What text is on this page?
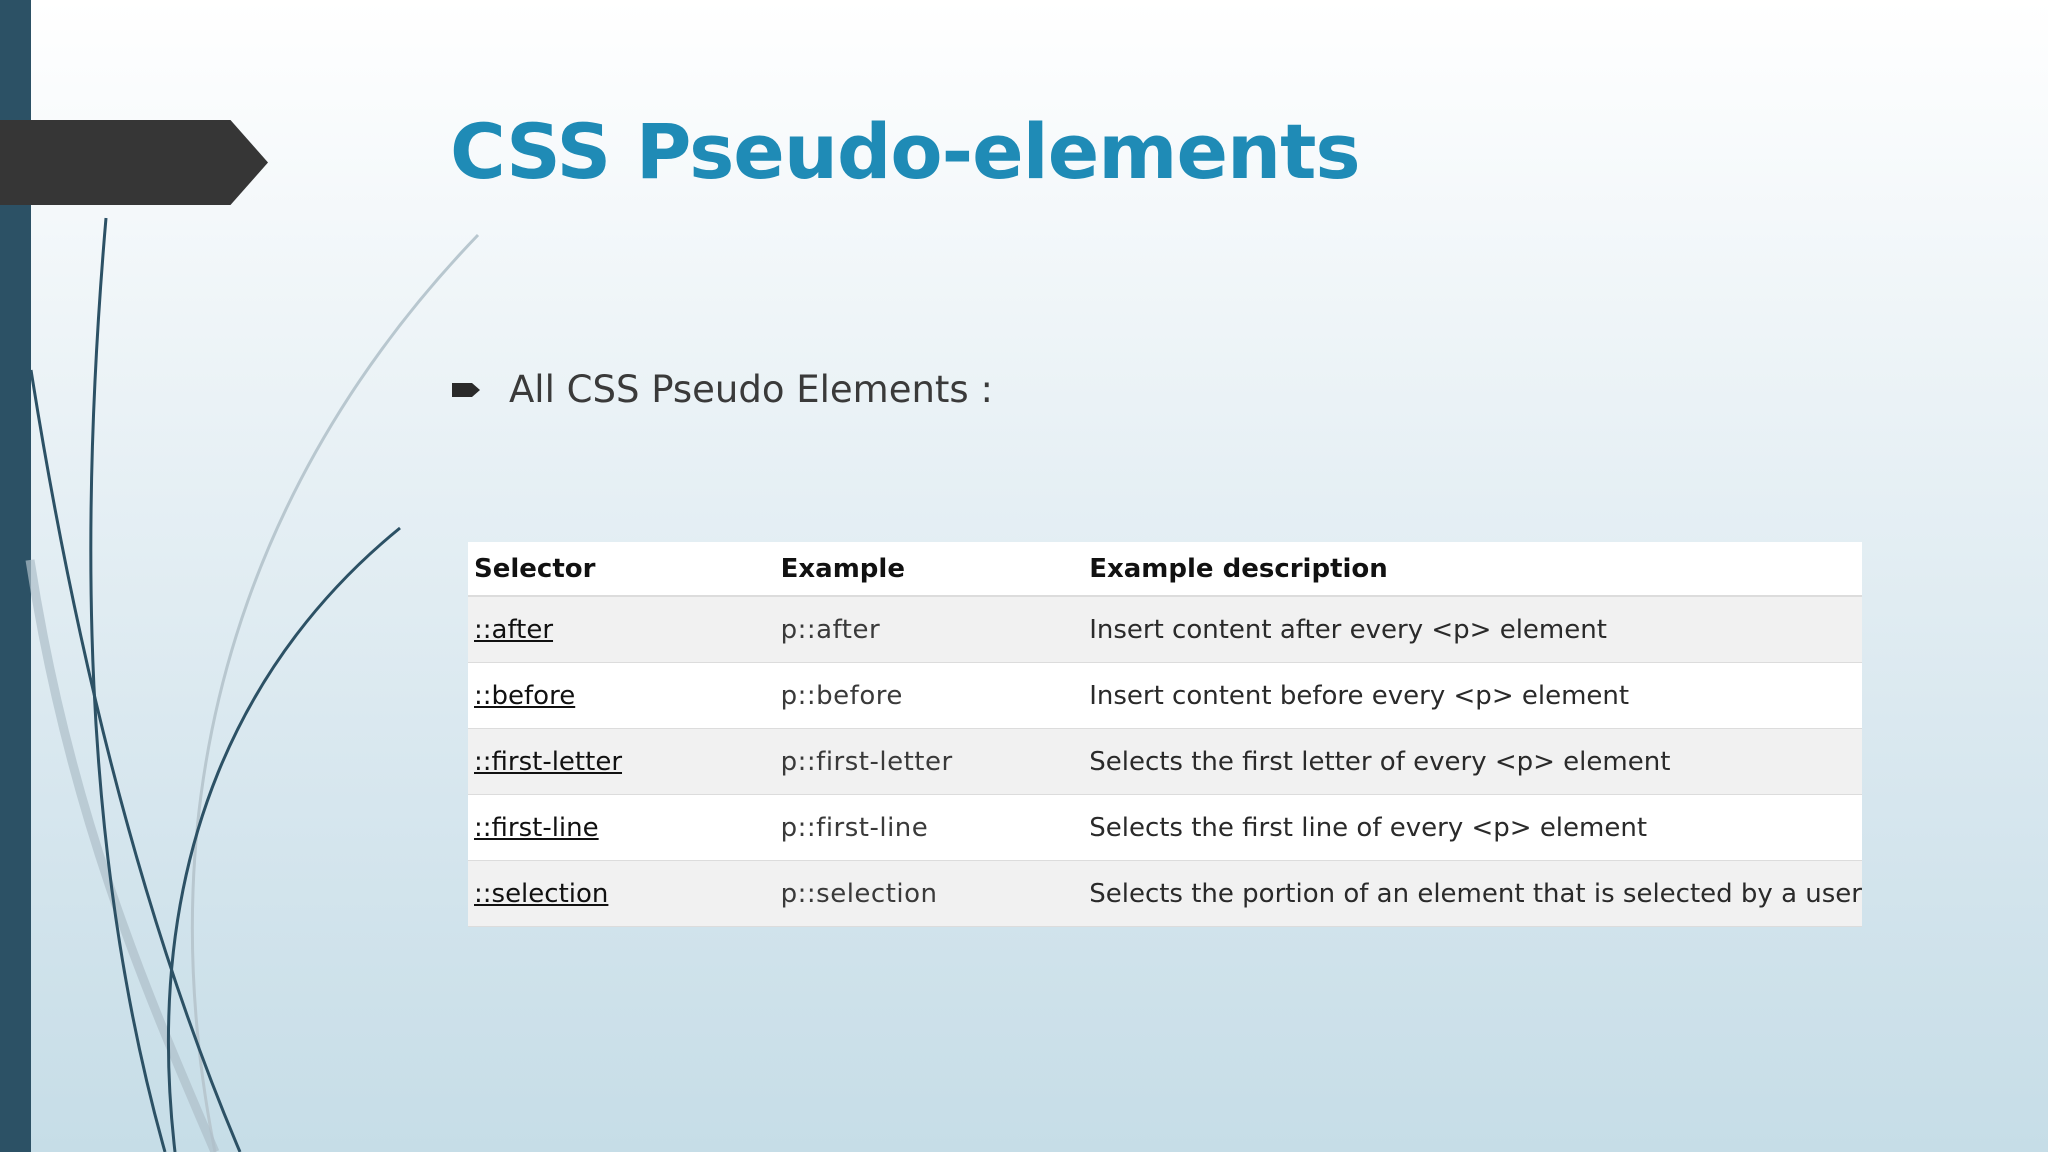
CSS Pseudo-elements
All CSS Pseudo Elements :
Selector	Example	Example description
::after	p::after	Insert content after every <p> element
::before	p::before	Insert content before every <p> element
::first-letter	p::first-letter	Selects the first letter of every <p> element
::first-line	p::first-line	Selects the first line of every <p> element
::selection	p::selection	Selects the portion of an element that is selected by a user
